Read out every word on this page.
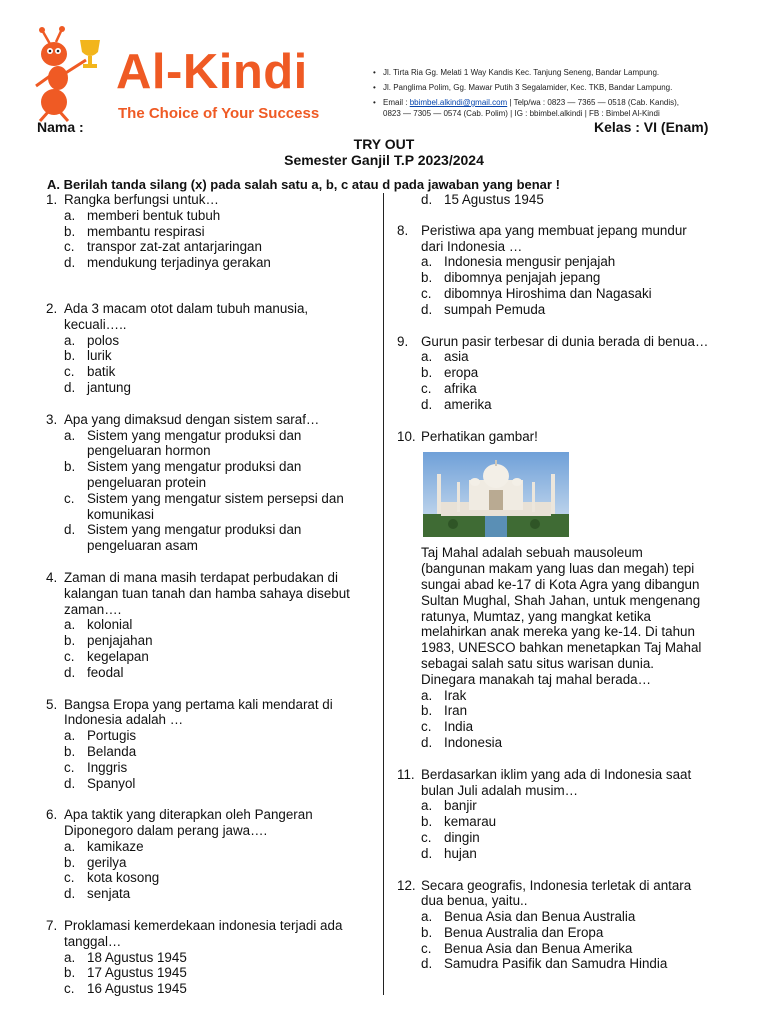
Al-Kindi
The Choice of Your Success
• Jl. Tirta Ria Gg. Melati 1 Way Kandis Kec. Tanjung Seneng, Bandar Lampung.
• Jl. Panglima Polim, Gg. Mawar Putih 3 Segalamider, Kec. TKB, Bandar Lampung.
• Email : bbimbel.alkindi@gmail.com | Telp/wa : 0823 — 7365 — 0518 (Cab. Kandis),
0823 — 7305 — 0574 (Cab. Polim) | IG : bbimbel.alkindi | FB : Bimbel Al-Kindi
Nama :	Kelas : VI (Enam)
TRY OUT
Semester Ganjil T.P 2023/2024
A. Berilah tanda silang (x) pada salah satu a, b, c atau d pada jawaban yang benar !
1. Rangka berfungsi untuk…
a. memberi bentuk tubuh
b. membantu respirasi
c. transpor zat-zat antarjaringan
d. mendukung terjadinya gerakan
2. Ada 3 macam otot dalam tubuh manusia,
kecuali…..
a. polos
b. lurik
c. batik
d. jantung
3. Apa yang dimaksud dengan sistem saraf…
a. Sistem yang mengatur produksi dan
pengeluaran hormon
b. Sistem yang mengatur produksi dan
pengeluaran protein
c. Sistem yang mengatur sistem persepsi dan
komunikasi
d. Sistem yang mengatur produksi dan
pengeluaran asam
4. Zaman di mana masih terdapat perbudakan di
kalangan tuan tanah dan hamba sahaya disebut
zaman….
a. kolonial
b. penjajahan
c. kegelapan
d. feodal
5. Bangsa Eropa yang pertama kali mendarat di
Indonesia adalah …
a. Portugis
b. Belanda
c. Inggris
d. Spanyol
6. Apa taktik yang diterapkan oleh Pangeran
Diponegoro dalam perang jawa….
a. kamikaze
b. gerilya
c. kota kosong
d. senjata
7. Proklamasi kemerdekaan indonesia terjadi ada
tanggal…
a. 18 Agustus 1945
b. 17 Agustus 1945
c. 16 Agustus 1945
d. 15 Agustus 1945
8. Peristiwa apa yang membuat jepang mundur
dari Indonesia …
a. Indonesia mengusir penjajah
b. dibomnya penjajah jepang
c. dibomnya Hiroshima dan Nagasaki
d. sumpah Pemuda
9. Gurun pasir terbesar di dunia berada di benua…
a. asia
b. eropa
c. afrika
d. amerika
10. Perhatikan gambar!
Taj Mahal adalah sebuah mausoleum
(bangunan makam yang luas dan megah) tepi
sungai abad ke-17 di Kota Agra yang dibangun
Sultan Mughal, Shah Jahan, untuk mengenang
ratunya, Mumtaz, yang mangkat ketika
melahirkan anak mereka yang ke-14. Di tahun
1983, UNESCO bahkan menetapkan Taj Mahal
sebagai salah satu situs warisan dunia.
Dinegara manakah taj mahal berada…
a. Irak
b. Iran
c. India
d. Indonesia
11. Berdasarkan iklim yang ada di Indonesia saat
bulan Juli adalah musim…
a. banjir
b. kemarau
c. dingin
d. hujan
12. Secara geografis, Indonesia terletak di antara
dua benua, yaitu..
a. Benua Asia dan Benua Australia
b. Benua Australia dan Eropa
c. Benua Asia dan Benua Amerika
d. Samudra Pasifik dan Samudra Hindia
